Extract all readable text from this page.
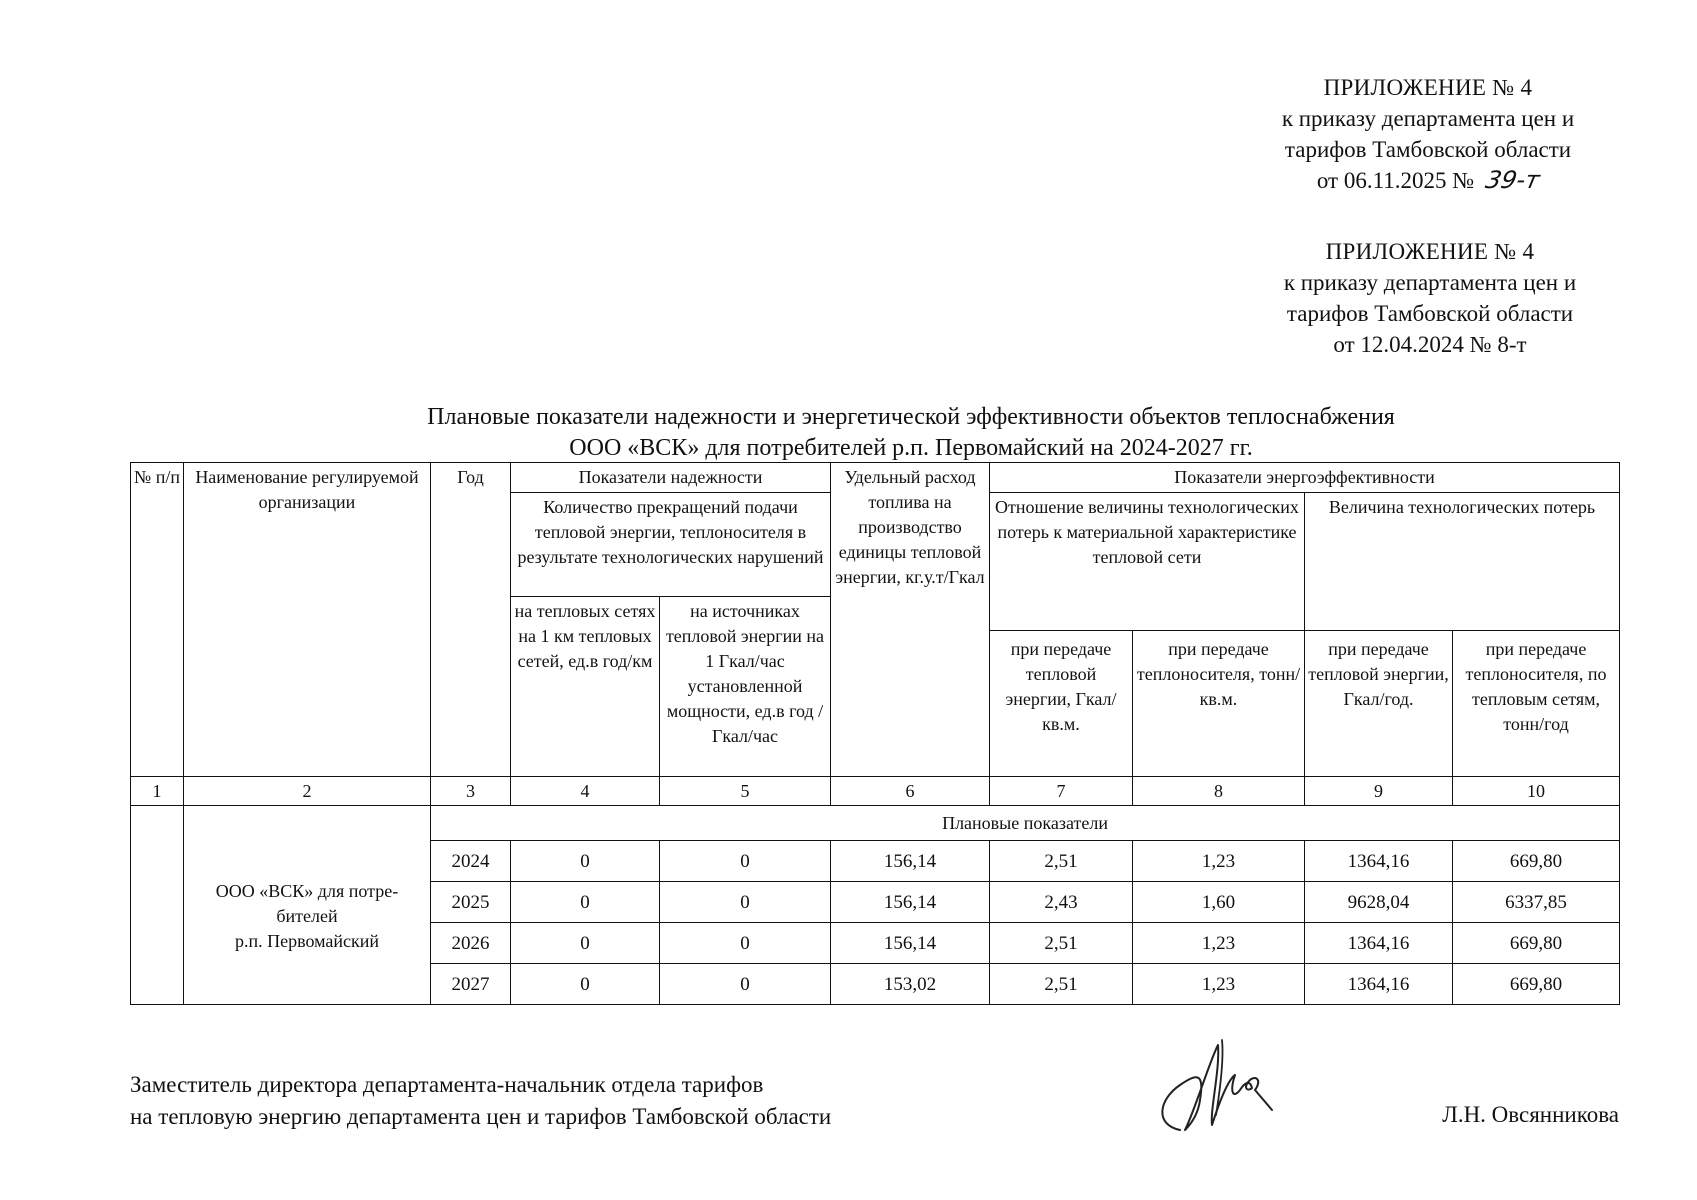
ПРИЛОЖЕНИЕ № 4
к приказу департамента цен и
тарифов Тамбовской области
от 06.11.2025 № 39-т
ПРИЛОЖЕНИЕ № 4
к приказу департамента цен и
тарифов Тамбовской области
от 12.04.2024 № 8-т
Плановые показатели надежности и энергетической эффективности объектов теплоснабжения
ООО «ВСК» для потребителей р.п. Первомайский на 2024-2027 гг.
№ п/п	Наименование регулируемой организации	Год	Показатели надежности		Удельный расход топлива на производство единицы тепловой энергии, кг.у.т/Гкал	Показатели энергоэффективности			
			Количество прекращений подачи тепловой энергии, теплоносителя в результате технологических нарушений			Отношение величины технологических потерь к материальной характеристике тепловой сети		Величина технологических потерь	
			на тепловых сетях на 1 км тепловых сетей, ед.в год/км	на источниках тепловой энергии на 1 Гкал/час установленной мощности, ед.в год /Гкал/час					
						при передаче тепловой энергии, Гкал/кв.м.	при передаче теплоносителя, тонн/кв.м.	при передаче тепловой энергии, Гкал/год.	при передаче теплоносителя, по тепловым сетям, тонн/год
1	2	3	4	5	6	7	8	9	10

	ООО «ВСК» для потре-
бителей
р.п. Первомайский	Плановые показатели							
		2024	0	0	156,14	2,51	1,23	1364,16	669,80
		2025	0	0	156,14	2,43	1,60	9628,04	6337,85
		2026	0	0	156,14	2,51	1,23	1364,16	669,80
		2027	0	0	153,02	2,51	1,23	1364,16	669,80
Заместитель директора департамента-начальник отдела тарифов
на тепловую энергию департамента цен и тарифов Тамбовской области	Л.Н. Овсянникова
